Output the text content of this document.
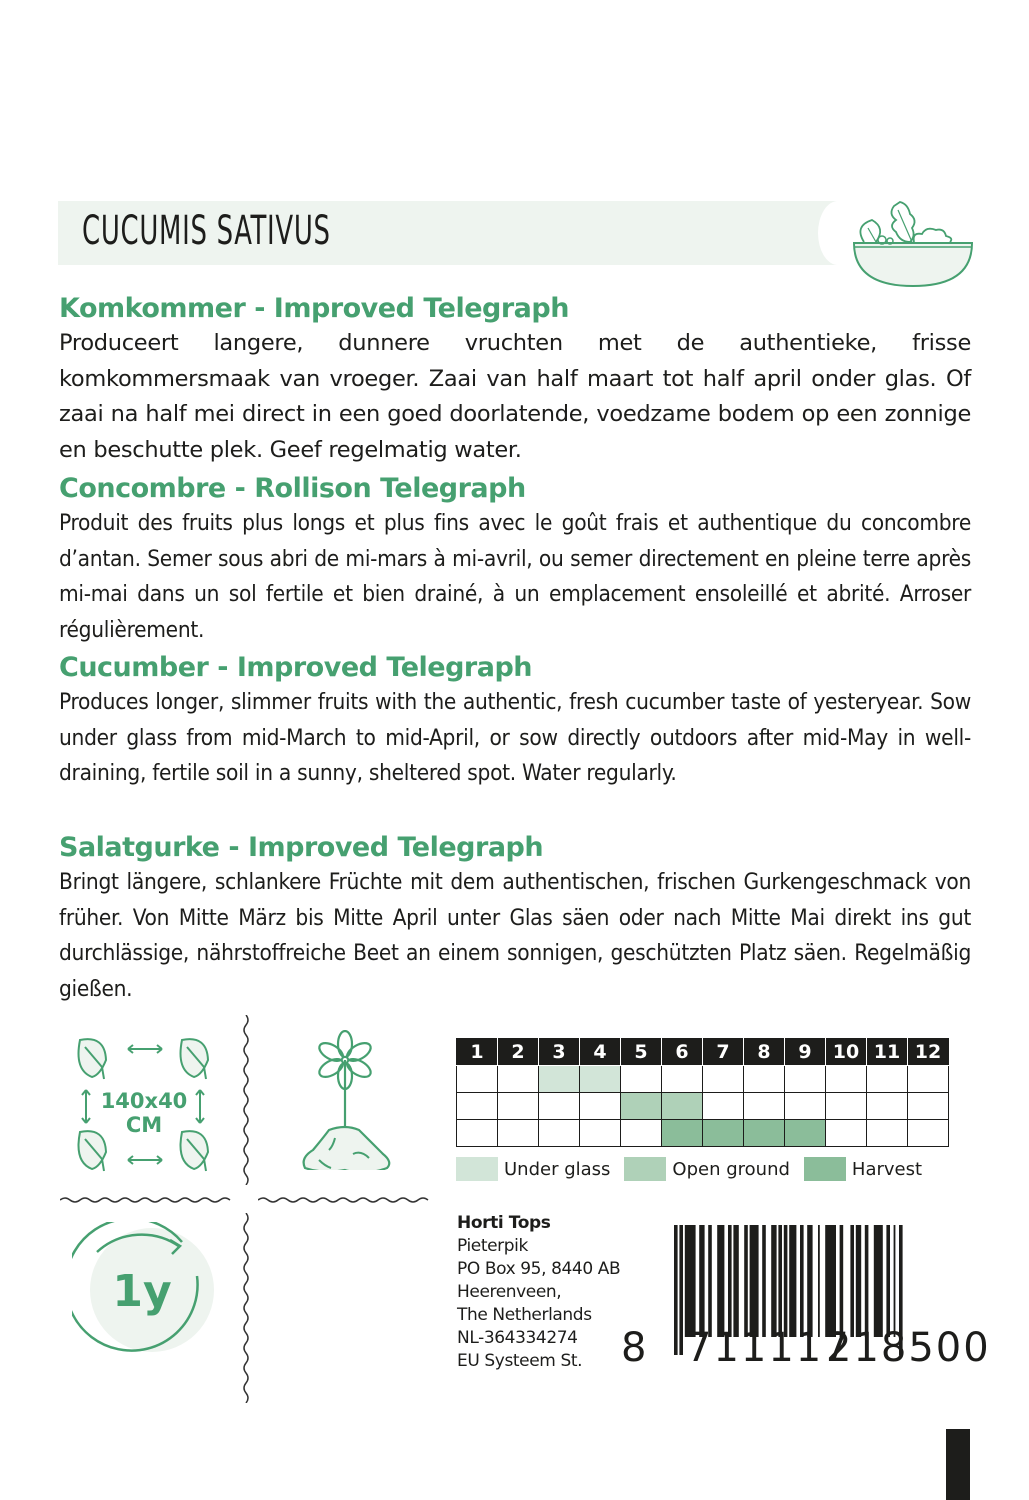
CUCUMIS SATIVUS
Komkommer - Improved Telegraph
Produceert langere, dunnere vruchten met de authentieke, frisse komkommersmaak van vroeger. Zaai van half maart tot half april onder glas. Of zaai na half mei direct in een goed doorlatende, voedzame bodem op een zonnige en beschutte plek. Geef regelmatig water.
Concombre - Rollison Telegraph
Produit des fruits plus longs et plus fins avec le goût frais et authentique du concombre d’antan. Semer sous abri de mi-mars à mi-avril, ou semer directement en pleine terre après mi-mai dans un sol fertile et bien drainé, à un emplacement ensoleillé et abrité. Arroser régulièrement.
Cucumber - Improved Telegraph
Produces longer, slimmer fruits with the authentic, fresh cucumber taste of yesteryear. Sow under glass from mid-March to mid-April, or sow directly outdoors after mid-May in well-draining, fertile soil in a sunny, sheltered spot. Water regularly.
Salatgurke - Improved Telegraph
Bringt längere, schlankere Früchte mit dem authentischen, frischen Gurkengeschmack von früher. Von Mitte März bis Mitte April unter Glas säen oder nach Mitte Mai direkt ins gut durchlässige, nährstoffreiche Beet an einem sonnigen, geschützten Platz säen. Regelmäßig gießen.
140x40
CM
1y
1	2	3	4	5	6	7	8	9	10	11	12

Under glass	Open ground	Harvest
Horti Tops
Pieterpik
PO Box 95, 8440 AB
Heerenveen,
The Netherlands
NL-364334274
EU Systeem St. 8 711117
218500
